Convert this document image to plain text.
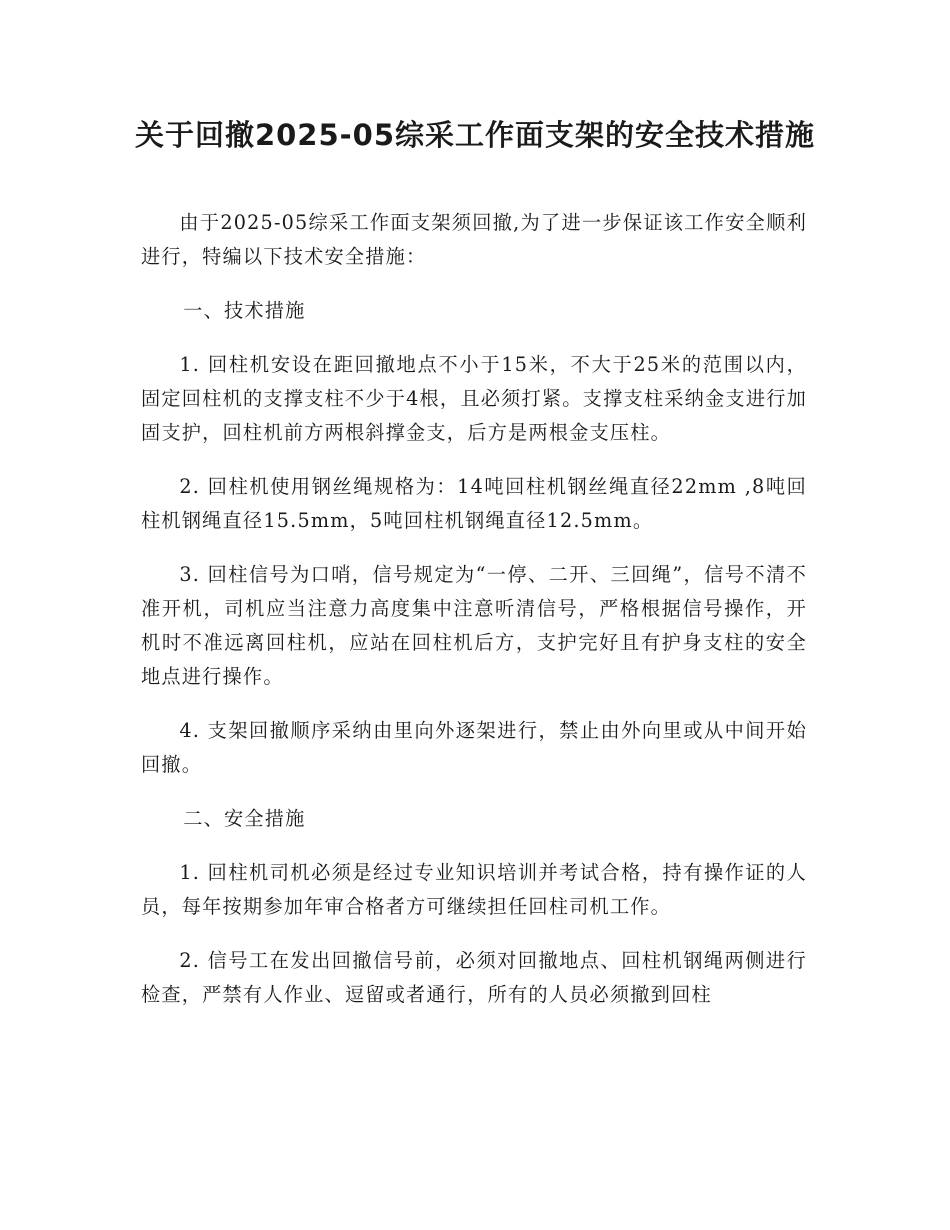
关于回撤2025-05综采工作面支架的安全技术措施

由于2025-05综采工作面支架须回撤,为了进一步保证该工作安全顺利进行，特编以下技术安全措施：

一、技术措施

1. 回柱机安设在距回撤地点不小于15米，不大于25米的范围以内，固定回柱机的支撑支柱不少于4根，且必须打紧。支撑支柱采纳金支进行加固支护，回柱机前方两根斜撑金支，后方是两根金支压柱。

2. 回柱机使用钢丝绳规格为：14吨回柱机钢丝绳直径22mm ,8吨回柱机钢绳直径15.5mm，5吨回柱机钢绳直径12.5mm。

3. 回柱信号为口哨，信号规定为“一停、二开、三回绳”，信号不清不准开机，司机应当注意力高度集中注意听清信号，严格根据信号操作，开机时不准远离回柱机，应站在回柱机后方，支护完好且有护身支柱的安全地点进行操作。

4. 支架回撤顺序采纳由里向外逐架进行，禁止由外向里或从中间开始回撤。

二、安全措施

1. 回柱机司机必须是经过专业知识培训并考试合格，持有操作证的人员，每年按期参加年审合格者方可继续担任回柱司机工作。

2. 信号工在发出回撤信号前，必须对回撤地点、回柱机钢绳两侧进行检查，严禁有人作业、逗留或者通行，所有的人员必须撤到回柱
